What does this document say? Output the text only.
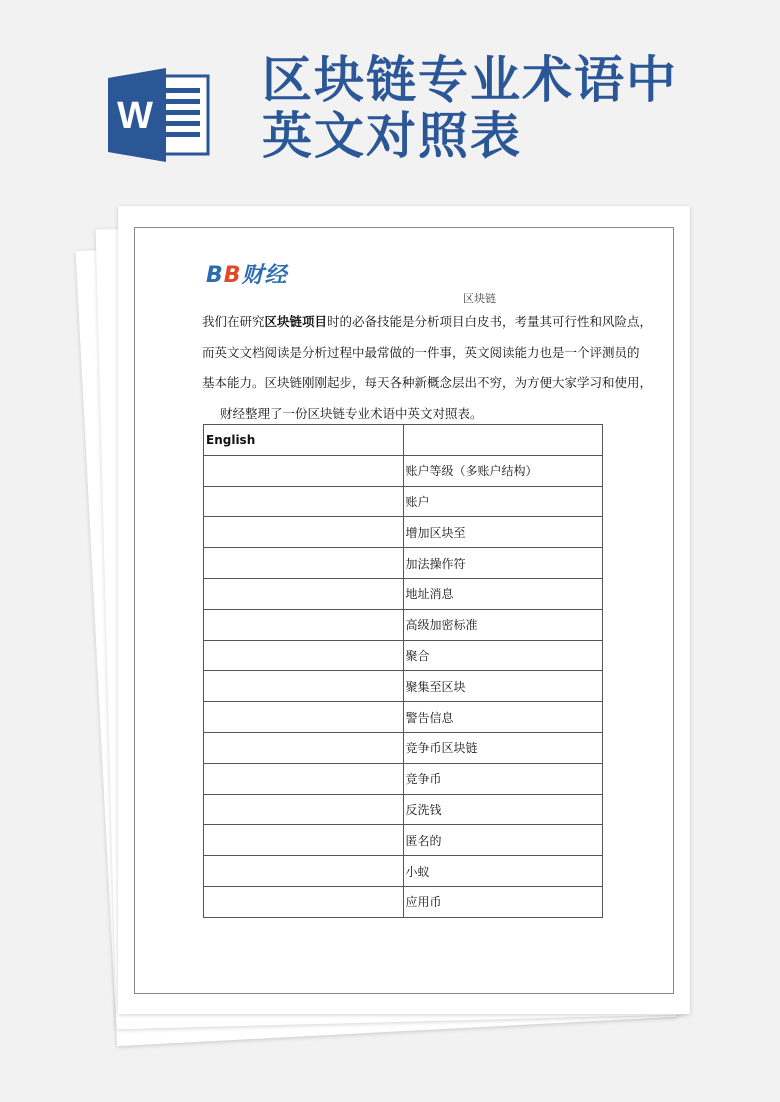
W
区块链专业术语中
英文对照表
BB财经
区块链

我们在研究区块链项目时的必备技能是分析项目白皮书，考量其可行性和风险点，

而英文文档阅读是分析过程中最常做的一件事，英文阅读能力也是一个评测员的

基本能力。区块链刚刚起步，每天各种新概念层出不穷，为方便大家学习和使用，

财经整理了一份区块链专业术语中英文对照表。

English	
	账户等级（多账户结构）
	账户
	增加区块至
	加法操作符
	地址消息
	高级加密标准
	聚合
	聚集至区块
	警告信息
	竞争币区块链
	竞争币
	反洗钱
	匿名的
	小蚁
	应用币
